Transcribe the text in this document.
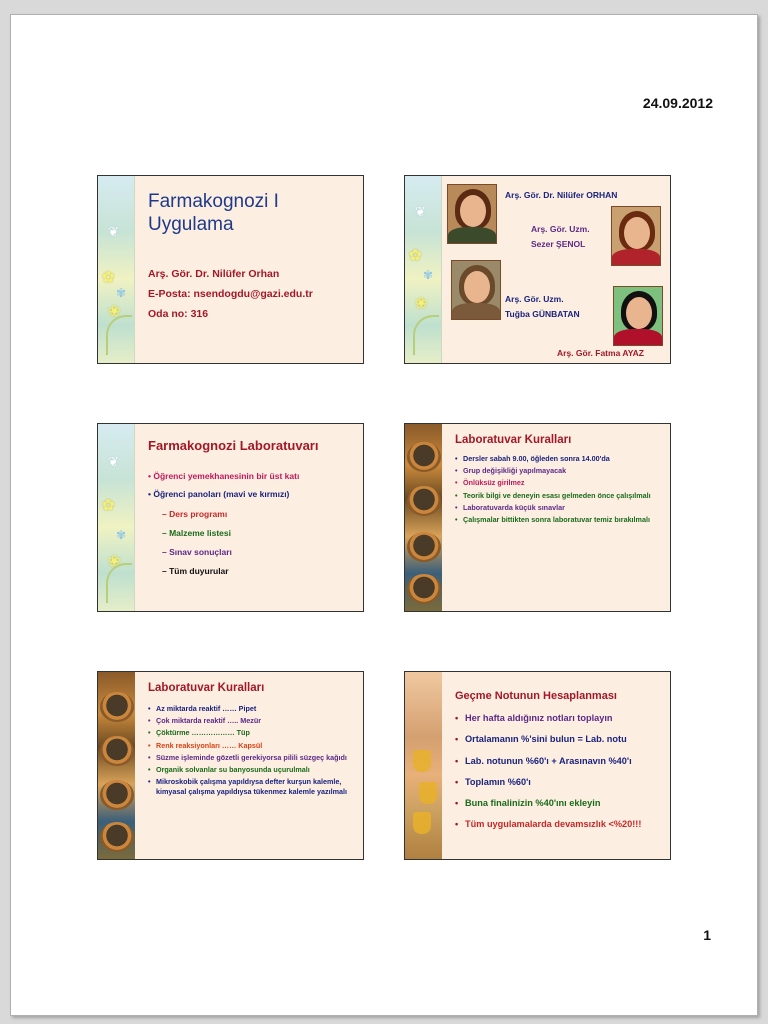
24.09.2012
❦
✿
✾
❀
Farmakognozi I
Uygulama
Arş. Gör. Dr. Nilüfer Orhan
E-Posta: nsendogdu@gazi.edu.tr
Oda no: 316
❦
✿
✾
❀
Arş. Gör. Dr. Nilüfer ORHAN
Arş. Gör. Uzm.
Sezer ŞENOL
Arş. Gör. Uzm.
Tuğba GÜNBATAN
Arş. Gör. Fatma AYAZ
❦
✿
✾
❀
Farmakognozi Laboratuvarı
• Öğrenci yemekhanesinin bir üst katı
• Öğrenci panoları (mavi ve kırmızı)
– Ders programı
– Malzeme listesi
– Sınav sonuçları
– Tüm duyurular
Laboratuvar Kuralları
• Dersler sabah 9.00, öğleden sonra 14.00'da
• Grup değişikliği yapılmayacak
• Önlüksüz girilmez
• Teorik bilgi ve deneyin esası gelmeden önce çalışılmalı
• Laboratuvarda küçük sınavlar
• Çalışmalar bittikten sonra laboratuvar temiz bırakılmalı
Laboratuvar Kuralları
• Az miktarda reaktif …… Pipet
• Çok miktarda reaktif ….. Mezür
• Çöktürme ……………… Tüp
• Renk reaksiyonları …… Kapsül
• Süzme işleminde gözetli gerekiyorsa pilili süzgeç kağıdı
• Organik solvanlar su banyosunda uçurulmalı
• Mikroskobik çalışma yapıldıysa defter kurşun kalemle, kimyasal çalışma yapıldıysa tükenmez kalemle yazılmalı
Geçme Notunun Hesaplanması
• Her hafta aldığınız notları toplayın
• Ortalamanın %'sini bulun = Lab. notu
• Lab. notunun %60'ı + Arasınavın %40'ı
• Toplamın %60'ı
• Buna finalinizin %40'ını ekleyin
• Tüm uygulamalarda devamsızlık <%20!!!
1
